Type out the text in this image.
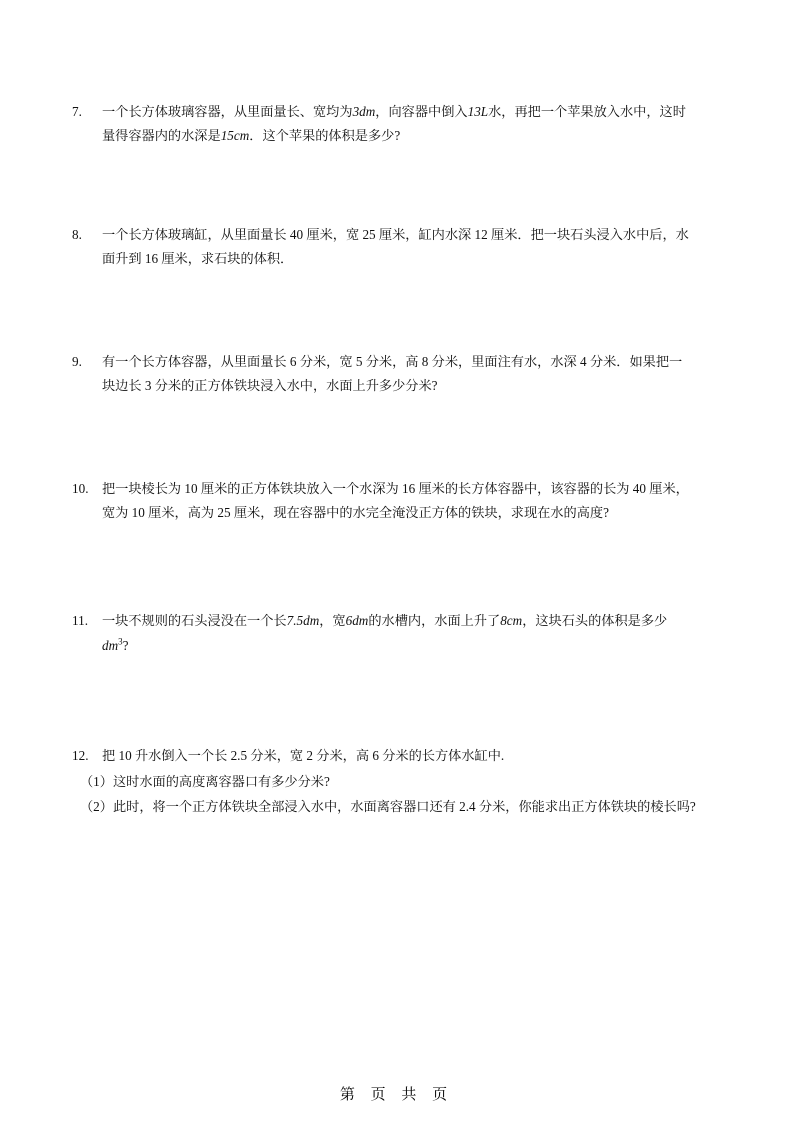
7.	一个长方体玻璃容器，从里面量长、宽均为3dm，向容器中倒入13L水，再把一个苹果放入水中，这时
量得容器内的水深是15cm．这个苹果的体积是多少?
8.	一个长方体玻璃缸，从里面量长 40 厘米，宽 25 厘米，缸内水深 12 厘米．把一块石头浸入水中后，水
面升到 16 厘米，求石块的体积．
9.	有一个长方体容器，从里面量长 6 分米，宽 5 分米，高 8 分米，里面注有水，水深 4 分米．如果把一
块边长 3 分米的正方体铁块浸入水中，水面上升多少分米?
10.	把一块棱长为 10 厘米的正方体铁块放入一个水深为 16 厘米的长方体容器中，该容器的长为 40 厘米，
宽为 10 厘米，高为 25 厘米，现在容器中的水完全淹没正方体的铁块，求现在水的高度?
11.	一块不规则的石头浸没在一个长7.5dm，宽6dm的水槽内，水面上升了8cm，这块石头的体积是多少
$dm^3$?
12.	把 10 升水倒入一个长 2.5 分米，宽 2 分米，高 6 分米的长方体水缸中.
（1）这时水面的高度离容器口有多少分米?
（2）此时，将一个正方体铁块全部浸入水中，水面离容器口还有 2.4 分米，你能求出正方体铁块的棱长吗?
第 页 共 页
